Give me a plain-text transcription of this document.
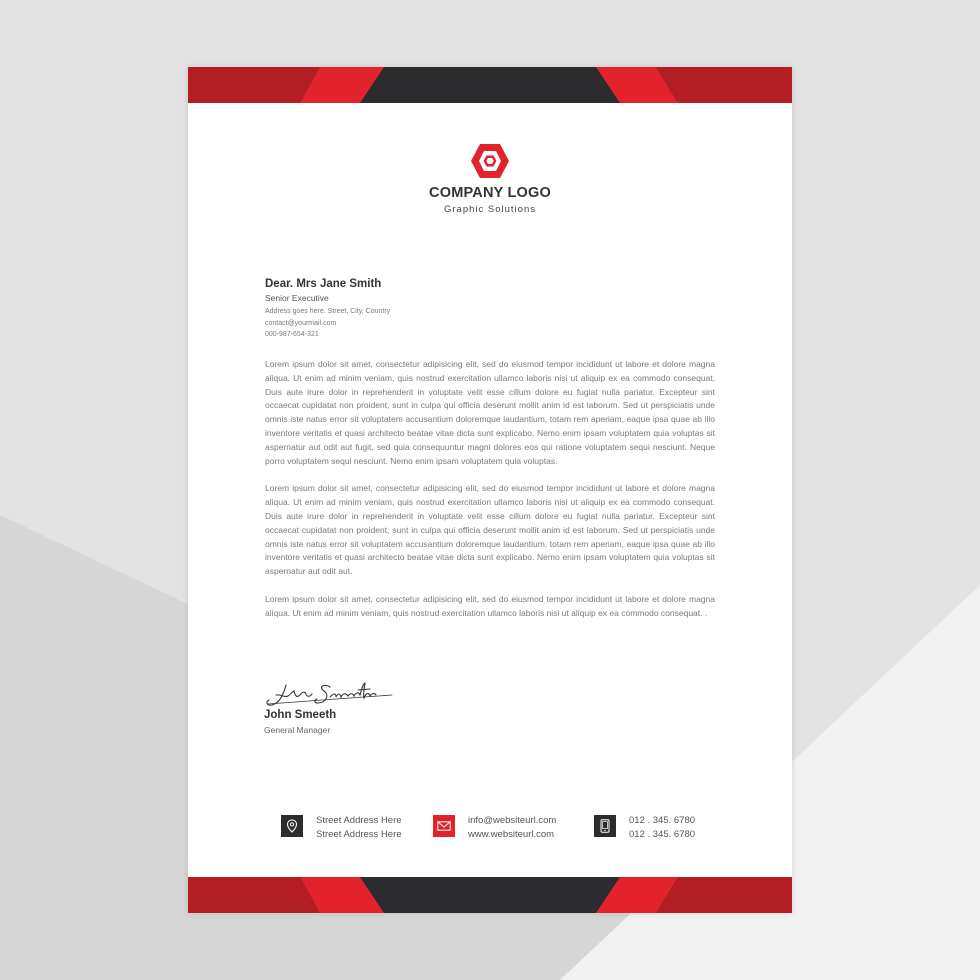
COMPANY LOGO
Graphic Solutions
Dear. Mrs Jane Smith
Senior Executive
Address goes here. Street, City, Country
contact@yourmail.com
000-987-654-321

Lorem ipsum dolor sit amet, consectetur adipisicing elit, sed do eiusmod tempor incididunt ut labore et dolore magna aliqua. Ut enim ad minim veniam, quis nostrud exercitation ullamco laboris nisi ut aliquip ex ea commodo consequat. Duis aute irure dolor in reprehenderit in voluptate velit esse cillum dolore eu fugiat nulla pariatur. Excepteur sint occaecat cupidatat non proident, sunt in culpa qui officia deserunt mollit anim id est laborum. Sed ut perspiciatis unde omnis iste natus error sit voluptatem accusantium doloremque laudantium, totam rem aperiam, eaque ipsa quae ab illo inventore veritatis et quasi architecto beatae vitae dicta sunt explicabo. Nemo enim ipsam voluptatem quia voluptas sit aspernatur aut odit aut fugit, sed quia consequuntur magni dolores eos qui ratione voluptatem sequi nesciunt. Neque porro voluptatem sequi nesciunt. Nemo enim ipsam voluptatem quia voluptas.

Lorem ipsum dolor sit amet, consectetur adipisicing elit, sed do eiusmod tempor incididunt ut labore et dolore magna aliqua. Ut enim ad minim veniam, quis nostrud exercitation ullamco laboris nisi ut aliquip ex ea commodo consequat. Duis aute irure dolor in reprehenderit in voluptate velit esse cillum dolore eu fugiat nulla pariatur. Excepteur sint occaecat cupidatat non proident, sunt in culpa qui officia deserunt mollit anim id est laborum. Sed ut perspiciatis unde omnis iste natus error sit voluptatem accusantium doloremque laudantium, totam rem aperiam, eaque ipsa quae ab illo inventore veritatis et quasi architecto beatae vitae dicta sunt explicabo. Nemo enim ipsam voluptatem quia voluptas sit aspernatur aut odit aut.

Lorem ipsum dolor sit amet, consectetur adipisicing elit, sed do eiusmod tempor incididunt ut labore et dolore magna aliqua. Ut enim ad minim veniam, quis nostrud exercitation ullamco laboris nisi ut aliquip ex ea commodo consequat. .

John Smeeth
General Manager
Street Address Here
Street Address Here
info@websiteurl.com
www.websiteurl.com
012 . 345. 6780
012 . 345. 6780
